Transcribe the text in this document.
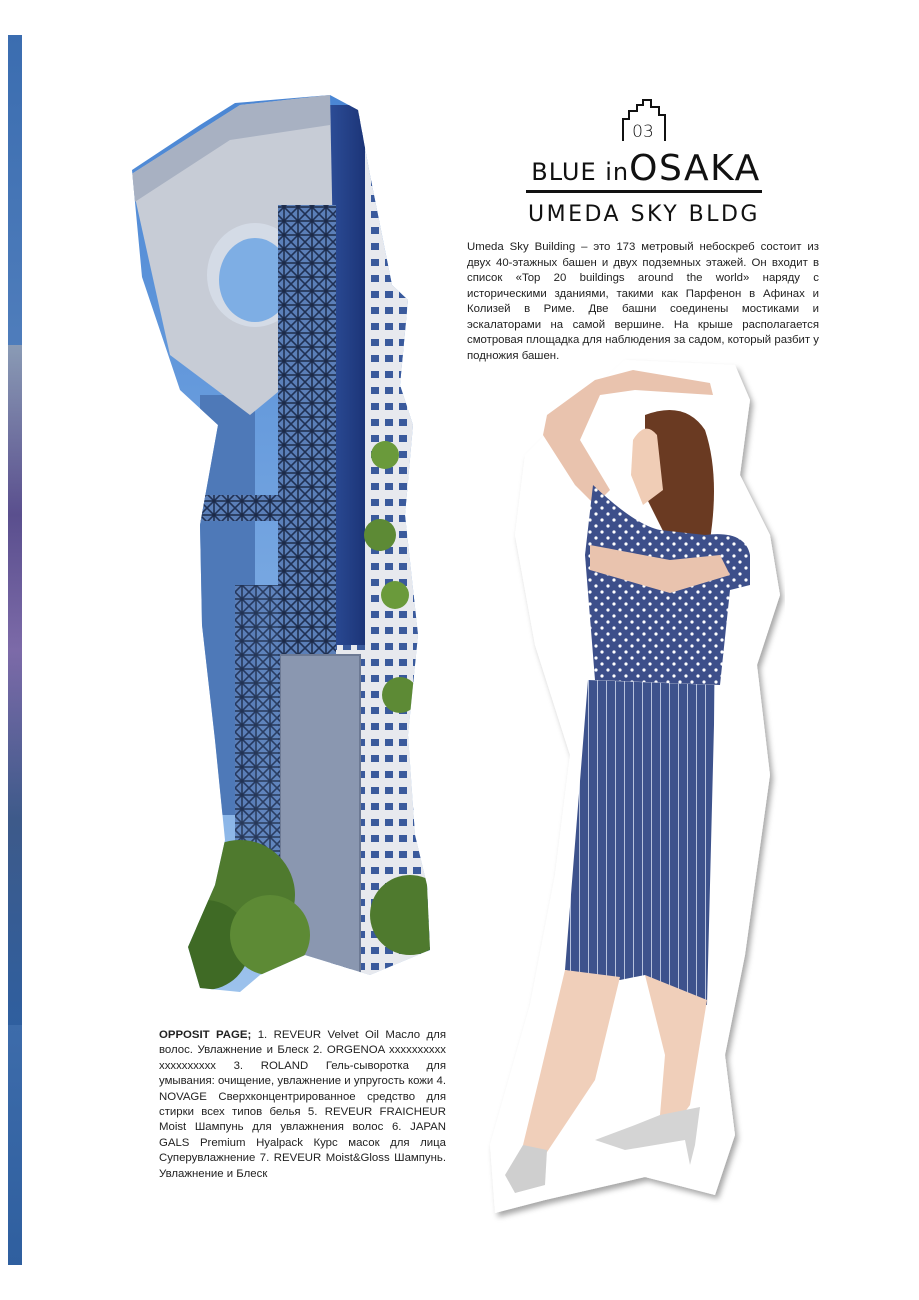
03
BLUE inOSAKA
UMEDA SKY BLDG
Umeda Sky Building – это 173 метровый небоскреб состоит из двух 40-этажных башен и двух подземных этажей. Он входит в список «Top 20 buildings around the world» наряду с историческими зданиями, такими как Парфенон в Афинах и Колизей в Риме. Две башни соединены мостиками и эскалаторами на самой вершине. На крыше располагается смотровая площадка для наблюдения за садом, который разбит у подножия башен.
OPPOSIT PAGE; 1. REVEUR Velvet Oil Масло для волос. Увлажнение и Блеск 2. ORGENOA xxxxxxxxxx xxxxxxxxxx 3. ROLAND Гель-сыворотка для умывания: очищение, увлажнение и упругость кожи 4. NOVAGE Сверхконцентрированное средство для стирки всех типов белья 5. REVEUR FRAICHEUR Moist Шампунь для увлажнения волос 6. JAPAN GALS Premium Hyalpack Курс масок для лица Суперувлажнение 7. REVEUR Moist&Gloss Шампунь. Увлажнение и Блеск
